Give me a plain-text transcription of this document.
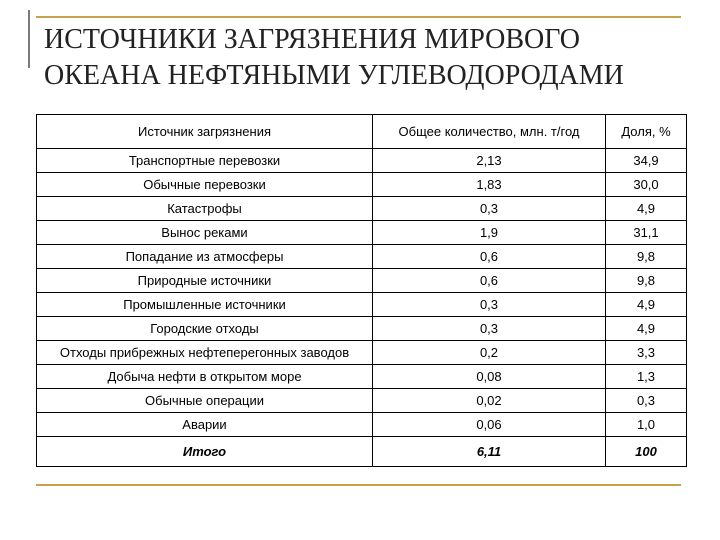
ИСТОЧНИКИ ЗАГРЯЗНЕНИЯ МИРОВОГО
ОКЕАНА НЕФТЯНЫМИ УГЛЕВОДОРОДАМИ
Источник загрязнения	Общее количество, млн. т/год	Доля, %
Транспортные перевозки	2,13	34,9
Обычные перевозки	1,83	30,0
Катастрофы	0,3	4,9
Вынос реками	1,9	31,1
Попадание из атмосферы	0,6	9,8
Природные источники	0,6	9,8
Промышленные источники	0,3	4,9
Городские отходы	0,3	4,9
Отходы прибрежных нефтеперегонных заводов	0,2	3,3
Добыча нефти в открытом море	0,08	1,3
Обычные операции	0,02	0,3
Аварии	0,06	1,0
Итого	6,11	100
